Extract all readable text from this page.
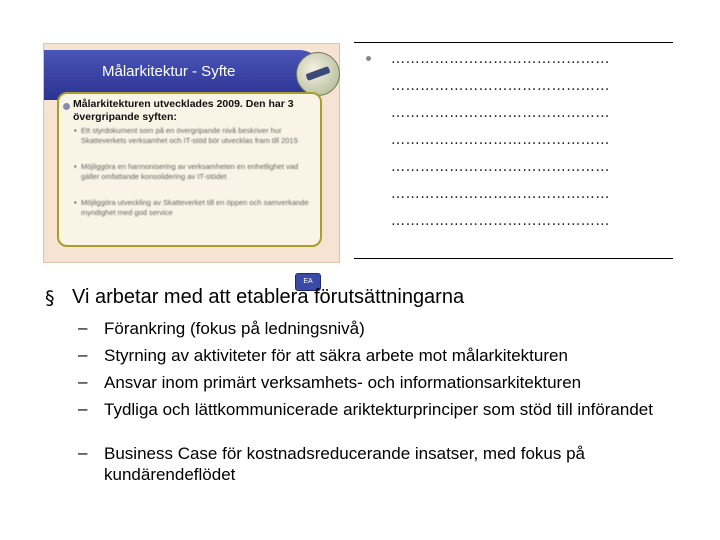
Målarkitektur - Syfte
Målarkitekturen utvecklades 2009. Den har 3 övergripande syften:
• Ett styrdokument som på en övergripande nivå beskriver hur Skatteverkets verksamhet och IT-stöd bör utvecklas fram till 2015
• Möjliggöra en harmonisering av verksamheten en enhetlighet vad gäller omfattande konsolidering av IT-stödet
• Möjliggöra utveckling av Skatteverket till en öppen och samverkande myndighet med god service
EA
………………………………………
………………………………………
………………………………………
………………………………………
………………………………………
………………………………………
………………………………………
§ Vi arbetar med att etablera förutsättningarna
– Förankring (fokus på ledningsnivå)
– Styrning av aktiviteter för att säkra arbete mot målarkitekturen
– Ansvar inom primärt verksamhets- och informationsarkitekturen
– Tydliga och lättkommunicerade ariktekturprinciper som stöd till införandet
– Business Case för kostnadsreducerande insatser, med fokus på kundärendeflödet
